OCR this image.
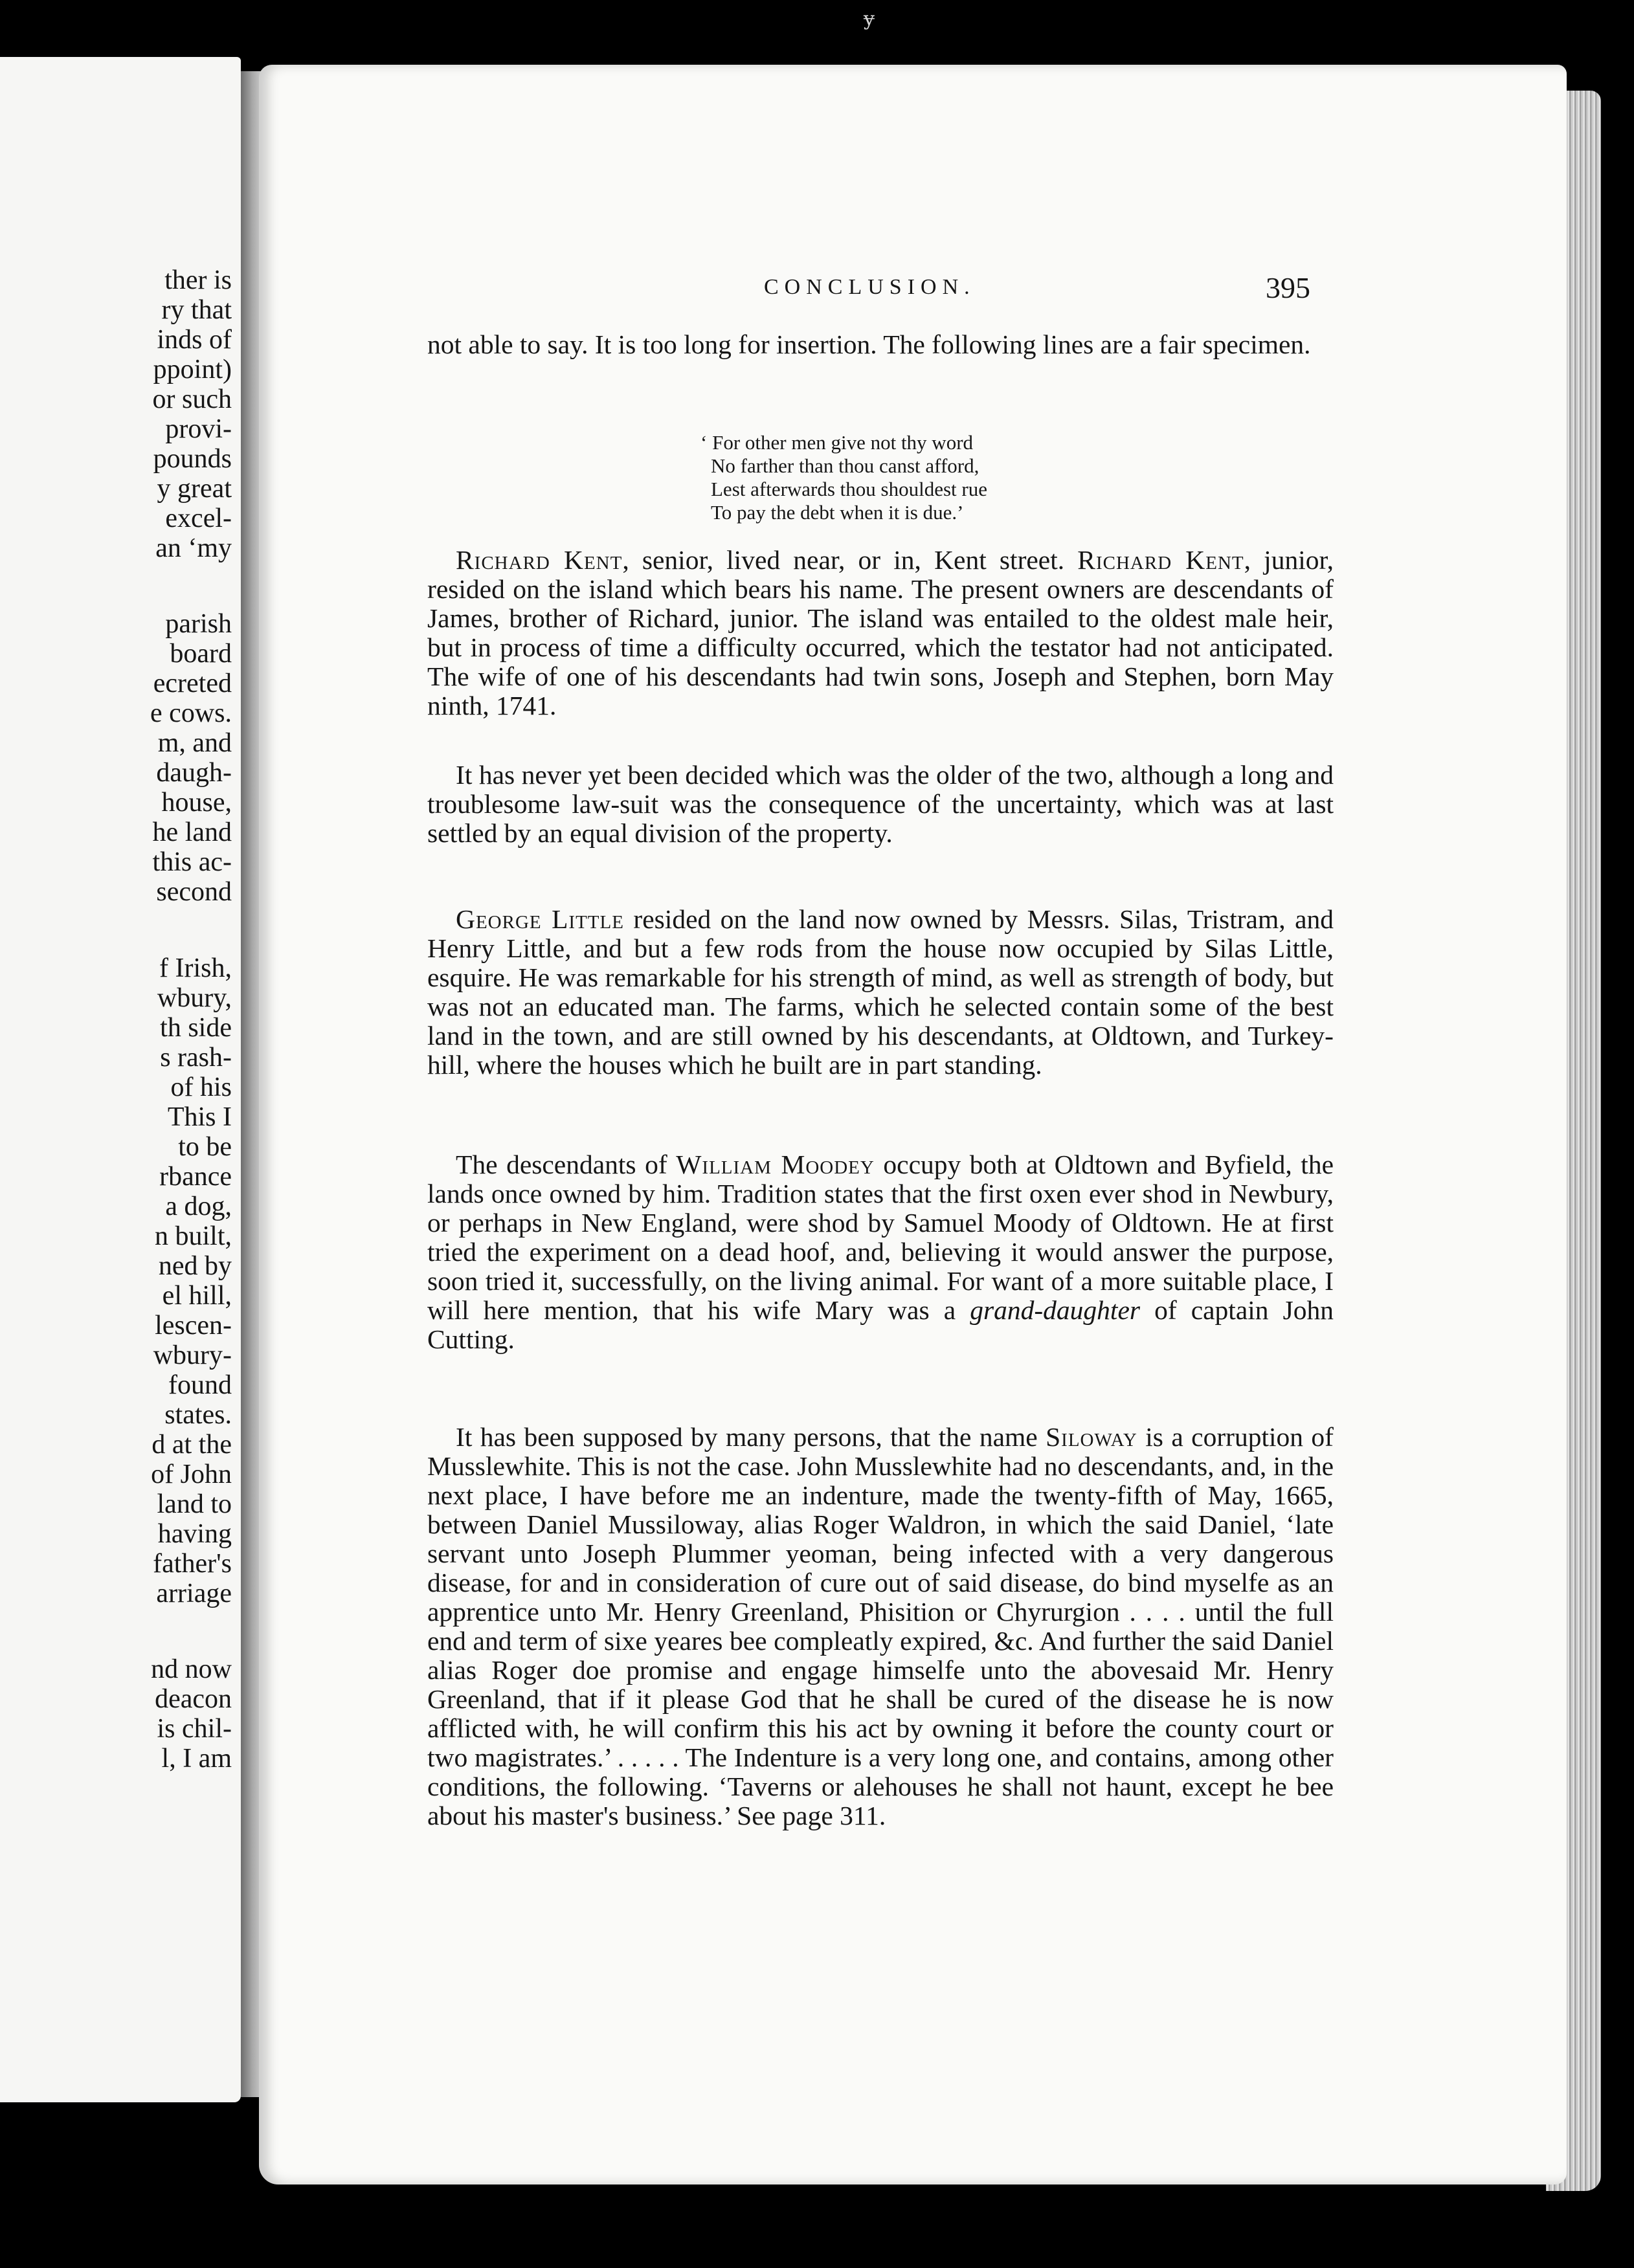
ɏ
ther is
ry that
inds of
ppoint)
or such
provi-
pounds
y great
excel-
an ‘my
parish
board
ecreted
e cows.
m, and
daugh-
house,
he land
this ac-
second
f Irish,
wbury,
th side
s rash-
of his
This I
to be
rbance
a dog,
n built,
ned by
el hill,
lescen-
wbury-
found
states.
d at the
of John
land to
having
father's
arriage
nd now
deacon
is chil-
l, I am
CONCLUSION.	395
not able to say. It is too long for insertion. The following lines are a fair specimen.
‘ For other men give not thy word
No farther than thou canst afford,
Lest afterwards thou shouldest rue
To pay the debt when it is due.’
Richard Kent, senior, lived near, or in, Kent street. Richard Kent, junior, resided on the island which bears his name. The present owners are descendants of James, brother of Richard, junior. The island was entailed to the oldest male heir, but in process of time a difficulty occurred, which the testator had not anticipated. The wife of one of his descendants had twin sons, Joseph and Stephen, born May ninth, 1741.
It has never yet been decided which was the older of the two, although a long and troublesome law-suit was the consequence of the uncertainty, which was at last settled by an equal division of the property.
George Little resided on the land now owned by Messrs. Silas, Tristram, and Henry Little, and but a few rods from the house now occupied by Silas Little, esquire. He was remarkable for his strength of mind, as well as strength of body, but was not an educated man. The farms, which he selected contain some of the best land in the town, and are still owned by his descendants, at Oldtown, and Turkey-hill, where the houses which he built are in part standing.
The descendants of William Moodey occupy both at Oldtown and Byfield, the lands once owned by him. Tradition states that the first oxen ever shod in Newbury, or perhaps in New England, were shod by Samuel Moody of Oldtown. He at first tried the experiment on a dead hoof, and, believing it would answer the purpose, soon tried it, successfully, on the living animal. For want of a more suitable place, I will here mention, that his wife Mary was a grand-daughter of captain John Cutting.
It has been supposed by many persons, that the name Siloway is a corruption of Musslewhite. This is not the case. John Musslewhite had no descendants, and, in the next place, I have before me an indenture, made the twenty-fifth of May, 1665, between Daniel Mussiloway, alias Roger Waldron, in which the said Daniel, ‘late servant unto Joseph Plummer yeoman, being infected with a very dangerous disease, for and in consideration of cure out of said disease, do bind myselfe as an apprentice unto Mr. Henry Greenland, Phisition or Chyrurgion . . . . until the full end and term of sixe yeares bee compleatly expired, &c. And further the said Daniel alias Roger doe promise and engage himselfe unto the abovesaid Mr. Henry Greenland, that if it please God that he shall be cured of the disease he is now afflicted with, he will confirm this his act by owning it before the county court or two magistrates.’ . . . . . The Indenture is a very long one, and contains, among other conditions, the following. ‘Taverns or alehouses he shall not haunt, except he bee about his master's business.’ See page 311.
